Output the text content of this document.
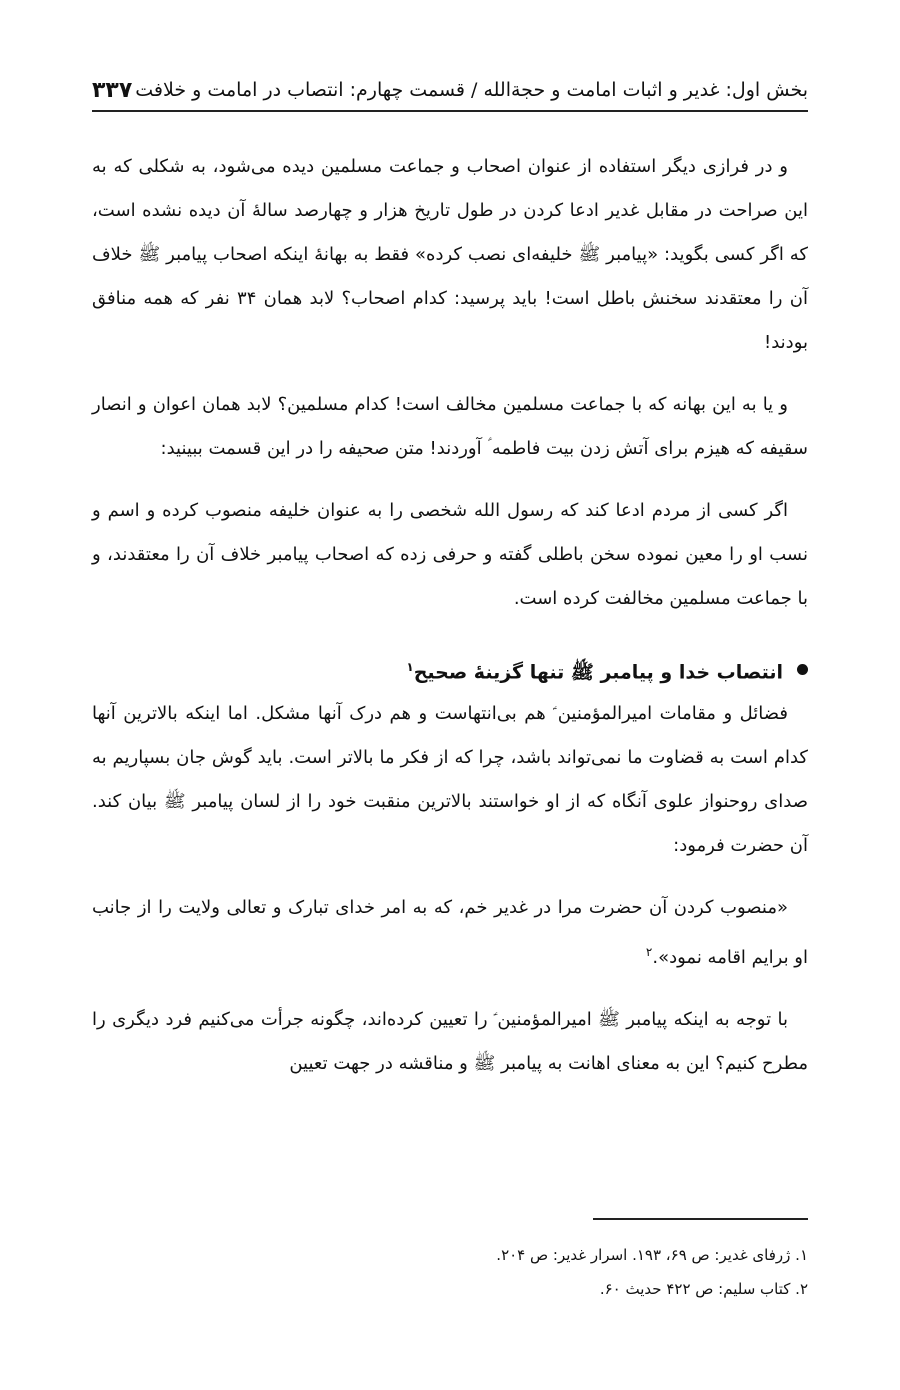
بخش اول: غدیر و اثبات امامت و حجةالله / قسمت چهارم: انتصاب در امامت و خلافت
۳۳۷

و در فرازی دیگر استفاده از عنوان اصحاب و جماعت مسلمین دیده می‌شود، به شکلی که به این صراحت در مقابل غدیر ادعا کردن در طول تاریخ هزار و چهارصد سالهٔ آن دیده نشده است، که اگر کسی بگوید: «پیامبر ﷺ خلیفه‌ای نصب کرده» فقط به بهانهٔ اینکه اصحاب پیامبر ﷺ خلاف آن را معتقدند سخنش باطل است! باید پرسید: کدام اصحاب؟ لابد همان ۳۴ نفر که همه منافق بودند!

و یا به این بهانه که با جماعت مسلمین مخالف است! کدام مسلمین؟ لابد همان اعوان و انصار سقیفه که هیزم برای آتش زدن بیت فاطمه ؑ آوردند! متن صحیفه را در این قسمت ببینید:

اگر کسی از مردم ادعا کند که رسول الله شخصی را به عنوان خلیفه منصوب کرده و اسم و نسب او را معین نموده سخن باطلی گفته و حرفی زده که اصحاب پیامبر خلاف آن را معتقدند، و با جماعت مسلمین مخالفت کرده است.

انتصاب خدا و پیامبر ﷺ تنها گزینهٔ صحیح$^۱$

فضائل و مقامات امیرالمؤمنین ؑ هم بی‌انتهاست و هم درک آنها مشکل. اما اینکه بالاترین آنها کدام است به قضاوت ما نمی‌تواند باشد، چرا که از فکر ما بالاتر است. باید گوش جان بسپاریم به صدای روحنواز علوی آنگاه که از او خواستند بالاترین منقبت خود را از لسان پیامبر ﷺ بیان کند. آن حضرت فرمود:

«منصوب کردن آن حضرت مرا در غدیر خم، که به امر خدای تبارک و تعالی ولایت را از جانب او برایم اقامه نمود».$^۲$

با توجه به اینکه پیامبر ﷺ امیرالمؤمنین ؑ را تعیین کرده‌اند، چگونه جرأت می‌کنیم فرد دیگری را مطرح کنیم؟ این به معنای اهانت به پیامبر ﷺ و مناقشه در جهت تعیین

۱. ژرفای غدیر: ص ۶۹، ۱۹۳. اسرار غدیر: ص ۲۰۴.
۲. کتاب سلیم: ص ۴۲۲ حدیث ۶۰.
